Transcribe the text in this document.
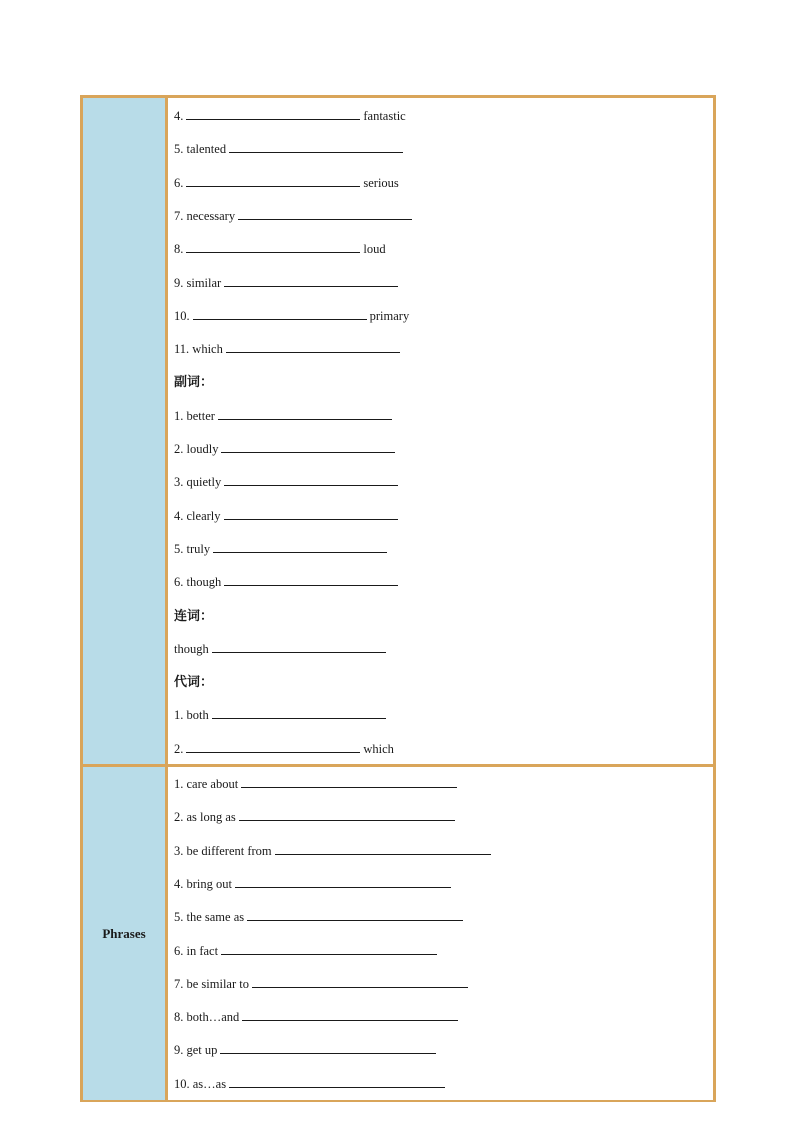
4.	fantastic
5. talented
6.	serious
7. necessary
8.	loud
9. similar
10.	primary
11. which
副词：
1. better
2. loudly
3. quietly
4. clearly
5. truly
6. though
连词：
though
代词：
1. both
2.	which
Phrases
1. care about
2. as long as
3. be different from
4. bring out
5. the same as
6. in fact
7. be similar to
8. both…and
9. get up
10. as…as
